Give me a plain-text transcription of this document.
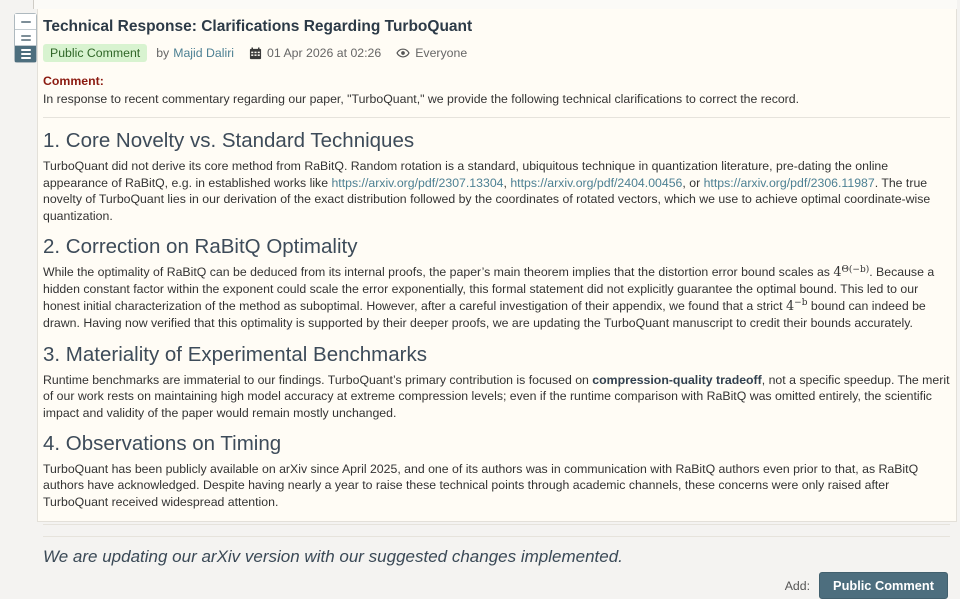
Technical Response: Clarifications Regarding TurboQuant
Public Comment	by Majid Daliri	01 Apr 2026 at 02:26	Everyone
Comment:
In response to recent commentary regarding our paper, "TurboQuant," we provide the following technical clarifications to correct the record.
1. Core Novelty vs. Standard Techniques

TurboQuant did not derive its core method from RaBitQ. Random rotation is a standard, ubiquitous technique in quantization literature, pre-dating the online appearance of RaBitQ, e.g. in established works like https://arxiv.org/pdf/2307.13304, https://arxiv.org/pdf/2404.00456, or https://arxiv.org/pdf/2306.11987. The true novelty of TurboQuant lies in our derivation of the exact distribution followed by the coordinates of rotated vectors, which we use to achieve optimal coordinate-wise quantization.

2. Correction on RaBitQ Optimality

While the optimality of RaBitQ can be deduced from its internal proofs, the paper’s main theorem implies that the distortion error bound scales as $4^{\Theta(-b)}$. Because a hidden constant factor within the exponent could scale the error exponentially, this formal statement did not explicitly guarantee the optimal bound. This led to our honest initial characterization of the method as suboptimal. However, after a careful investigation of their appendix, we found that a strict $4^{-b}$ bound can indeed be drawn. Having now verified that this optimality is supported by their deeper proofs, we are updating the TurboQuant manuscript to credit their bounds accurately.

3. Materiality of Experimental Benchmarks

Runtime benchmarks are immaterial to our findings. TurboQuant’s primary contribution is focused on compression-quality tradeoff, not a specific speedup. The merit of our work rests on maintaining high model accuracy at extreme compression levels; even if the runtime comparison with RaBitQ was omitted entirely, the scientific impact and validity of the paper would remain mostly unchanged.

4. Observations on Timing

TurboQuant has been publicly available on arXiv since April 2025, and one of its authors was in communication with RaBitQ authors even prior to that, as RaBitQ authors have acknowledged. Despite having nearly a year to raise these technical points through academic channels, these concerns were only raised after TurboQuant received widespread attention.

We are updating our arXiv version with our suggested changes implemented.
Add:	Public Comment
